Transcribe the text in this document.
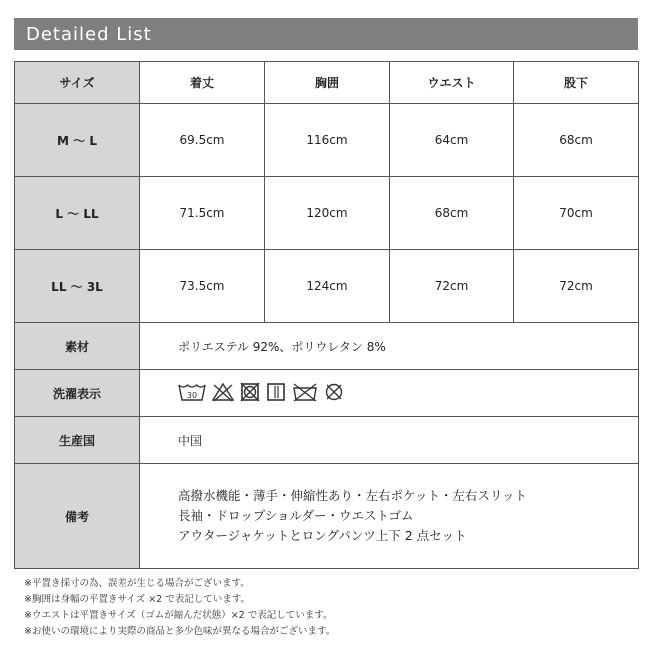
Detailed List
サイズ	着丈	胸囲	ウエスト	股下
M ～ L	69.5cm	116cm	64cm	68cm
L ～ LL	71.5cm	120cm	68cm	70cm
LL ～ 3L	73.5cm	124cm	72cm	72cm
素材	ポリエステル 92%、ポリウレタン 8%			
洗濯表示	30			

生産国	中国			
備考	高撥水機能・薄手・伸縮性あり・左右ポケット・左右スリット
長袖・ドロップショルダー・ウエストゴム
アウタージャケットとロングパンツ上下 2 点セット			
※平置き採寸の為、誤差が生じる場合がございます。
※胸囲は身幅の平置きサイズ ×2 で表記しています。
※ウエストは平置きサイズ（ゴムが縮んだ状態）×2 で表記しています。
※お使いの環境により実際の商品と多少色味が異なる場合がございます。
